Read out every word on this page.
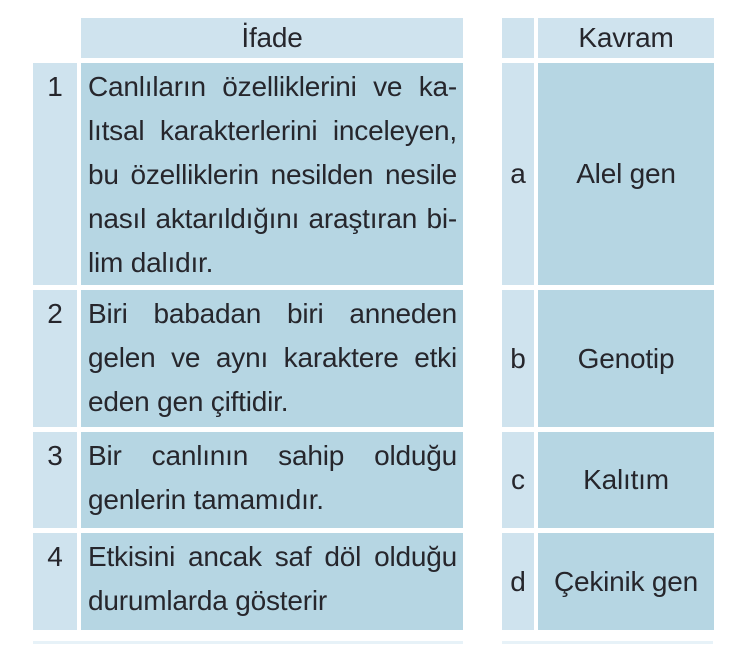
İfade
1 Canlıların özelliklerini ve ka-
lıtsal karakterlerini inceleyen,
bu özelliklerin nesilden nesile
nasıl aktarıldığını araştıran bi-
lim dalıdır.
2 Biri babadan biri anneden
gelen ve aynı karaktere etki
eden gen çiftidir.
3 Bir canlının sahip olduğu
genlerin tamamıdır.
4 Etkisini ancak saf döl olduğu
durumlarda gösterir
Kavram
a	Alel gen
b	Genotip
c	Kalıtım
d	Çekinik gen
